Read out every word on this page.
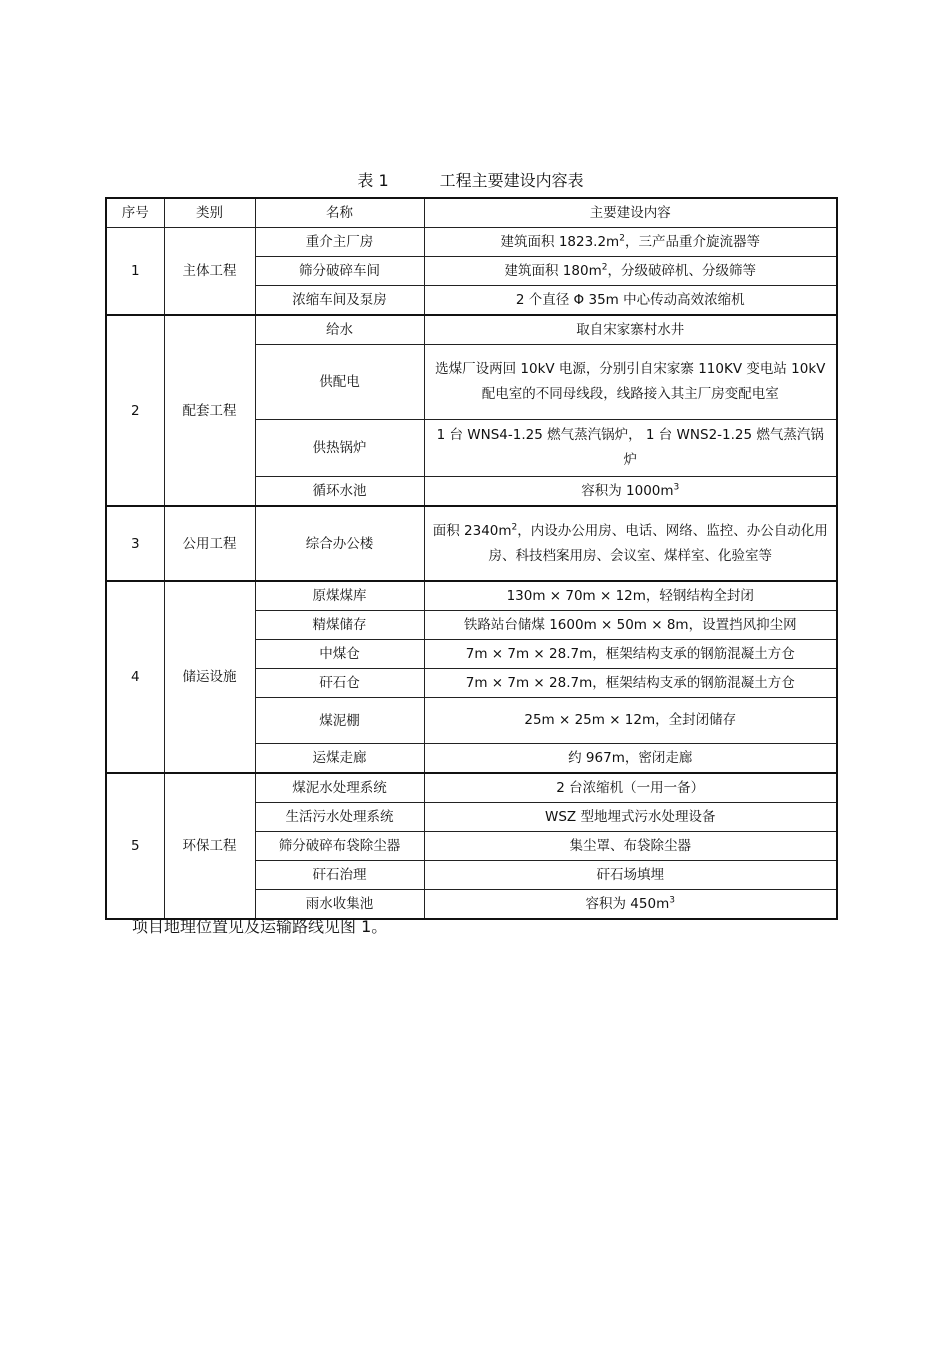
表 1	工程主要建设内容表
序号	类别	名称	主要建设内容
1	主体工程	重介主厂房	建筑面积 $1823.2m^2$，三产品重介旋流器等
		筛分破碎车间	建筑面积 $180m^2$，分级破碎机、分级筛等
		浓缩车间及泵房	2 个直径 Φ 35m 中心传动高效浓缩机
2	配套工程	给水	取自宋家寨村水井
		供配电	选煤厂设两回 10kV 电源，分别引自宋家寨 110KV 变电站 10kV 配电室的不同母线段，线路接入其主厂房变配电室
		供热锅炉	1 台 WNS4-1.25 燃气蒸汽锅炉， 1 台 WNS2-1.25 燃气蒸汽锅炉
		循环水池	容积为 $1000m^3$
3	公用工程	综合办公楼	面积 $2340m^2$，内设办公用房、电话、网络、监控、办公自动化用房、科技档案用房、会议室、煤样室、化验室等
4	储运设施	原煤煤库	130m × 70m × 12m，轻钢结构全封闭
		精煤储存	铁路站台储煤 1600m × 50m × 8m，设置挡风抑尘网
		中煤仓	7m × 7m × 28.7m，框架结构支承的钢筋混凝土方仓
		矸石仓	7m × 7m × 28.7m，框架结构支承的钢筋混凝土方仓
		煤泥棚	25m × 25m × 12m，全封闭储存
		运煤走廊	约 967m，密闭走廊
5	环保工程	煤泥水处理系统	2 台浓缩机（一用一备）
		生活污水处理系统	WSZ 型地埋式污水处理设备
		筛分破碎布袋除尘器	集尘罩、布袋除尘器
		矸石治理	矸石场填埋
		雨水收集池	容积为 $450m^3$
项目地理位置见及运输路线见图 1。
